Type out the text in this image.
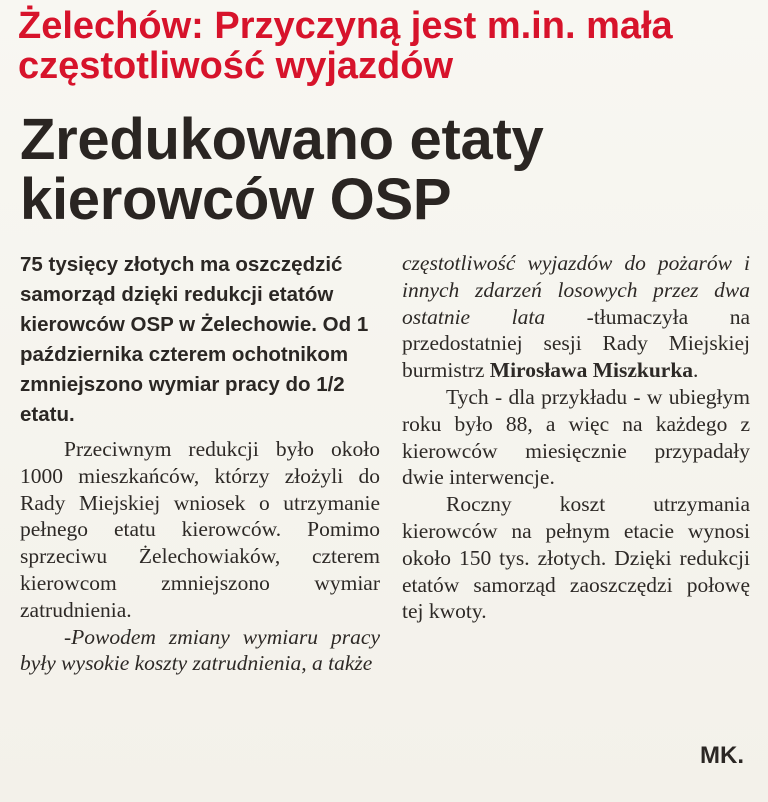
Żelechów: Przyczyną jest m.in. mała częstotliwość wyjazdów
Zredukowano etaty kierowców OSP

75 tysięcy złotych ma oszczędzić samorząd dzięki redukcji etatów kierowców OSP w Żelechowie. Od 1 października czterem ochotnikom zmniejszono wymiar pracy do 1/2 etatu.

Przeciwnym redukcji było około 1000 mieszkańców, którzy złożyli do Rady Miejskiej wniosek o utrzymanie pełnego etatu kierowców. Pomimo sprzeciwu Żelechowiaków, czterem kierowcom zmniejszono wymiar zatrudnienia.

-Powodem zmiany wymiaru pracy były wysokie koszty zatrudnienia, a także

częstotliwość wyjazdów do pożarów i innych zdarzeń losowych przez dwa ostatnie lata -tłumaczyła na przedostatniej sesji Rady Miejskiej burmistrz Mirosława Miszkurka.

Tych - dla przykładu - w ubiegłym roku było 88, a więc na każdego z kierowców miesięcznie przypadały dwie interwencje.

Roczny koszt utrzymania kierowców na pełnym etacie wynosi około 150 tys. złotych. Dzięki redukcji etatów samorząd zaoszczędzi połowę tej kwoty.

MK.
